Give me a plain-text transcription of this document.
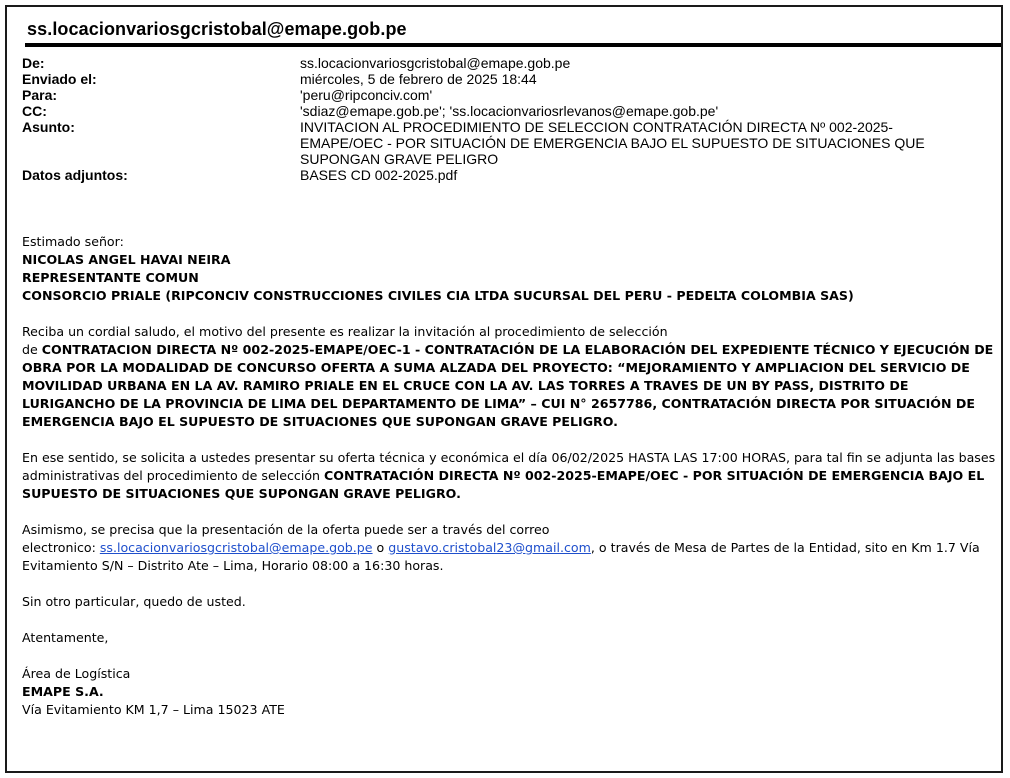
ss.locacionvariosgcristobal@emape.gob.pe
De:	ss.locacionvariosgcristobal@emape.gob.pe
Enviado el:	miércoles, 5 de febrero de 2025 18:44
Para:	'peru@ripconciv.com'
CC:	'sdiaz@emape.gob.pe'; 'ss.locacionvariosrlevanos@emape.gob.pe'
Asunto:	INVITACION AL PROCEDIMIENTO DE SELECCION CONTRATACIÓN DIRECTA Nº 002-2025-EMAPE/OEC - POR SITUACIÓN DE EMERGENCIA BAJO EL SUPUESTO DE SITUACIONES QUE SUPONGAN GRAVE PELIGRO
Datos adjuntos:	BASES CD 002-2025.pdf

Estimado señor:
NICOLAS ANGEL HAVAI NEIRA
REPRESENTANTE COMUN
CONSORCIO PRIALE (RIPCONCIV CONSTRUCCIONES CIVILES CIA LTDA SUCURSAL DEL PERU - PEDELTA COLOMBIA SAS)

Reciba un cordial saludo, el motivo del presente es realizar la invitación al procedimiento de selección
de CONTRATACION DIRECTA Nº 002-2025-EMAPE/OEC-1 - CONTRATACIÓN DE LA ELABORACIÓN DEL EXPEDIENTE TÉCNICO Y EJECUCIÓN DE OBRA POR LA MODALIDAD DE CONCURSO OFERTA A SUMA ALZADA DEL PROYECTO: “MEJORAMIENTO Y AMPLIACION DEL SERVICIO DE MOVILIDAD URBANA EN LA AV. RAMIRO PRIALE EN EL CRUCE CON LA AV. LAS TORRES A TRAVES DE UN BY PASS, DISTRITO DE LURIGANCHO DE LA PROVINCIA DE LIMA DEL DEPARTAMENTO DE LIMA” – CUI N° 2657786, CONTRATACIÓN DIRECTA POR SITUACIÓN DE EMERGENCIA BAJO EL SUPUESTO DE SITUACIONES QUE SUPONGAN GRAVE PELIGRO.

En ese sentido, se solicita a ustedes presentar su oferta técnica y económica el día 06/02/2025 HASTA LAS 17:00 HORAS, para tal fin se adjunta las bases administrativas del procedimiento de selección CONTRATACIÓN DIRECTA Nº 002-2025-EMAPE/OEC - POR SITUACIÓN DE EMERGENCIA BAJO EL SUPUESTO DE SITUACIONES QUE SUPONGAN GRAVE PELIGRO.

Asimismo, se precisa que la presentación de la oferta puede ser a través del correo
electronico: ss.locacionvariosgcristobal@emape.gob.pe o gustavo.cristobal23@gmail.com, o través de Mesa de Partes de la Entidad, sito en Km 1.7 Vía Evitamiento S/N – Distrito Ate – Lima, Horario 08:00 a 16:30 horas.

Sin otro particular, quedo de usted.

Atentamente,

Área de Logística
EMAPE S.A.
Vía Evitamiento KM 1,7 – Lima 15023 ATE
